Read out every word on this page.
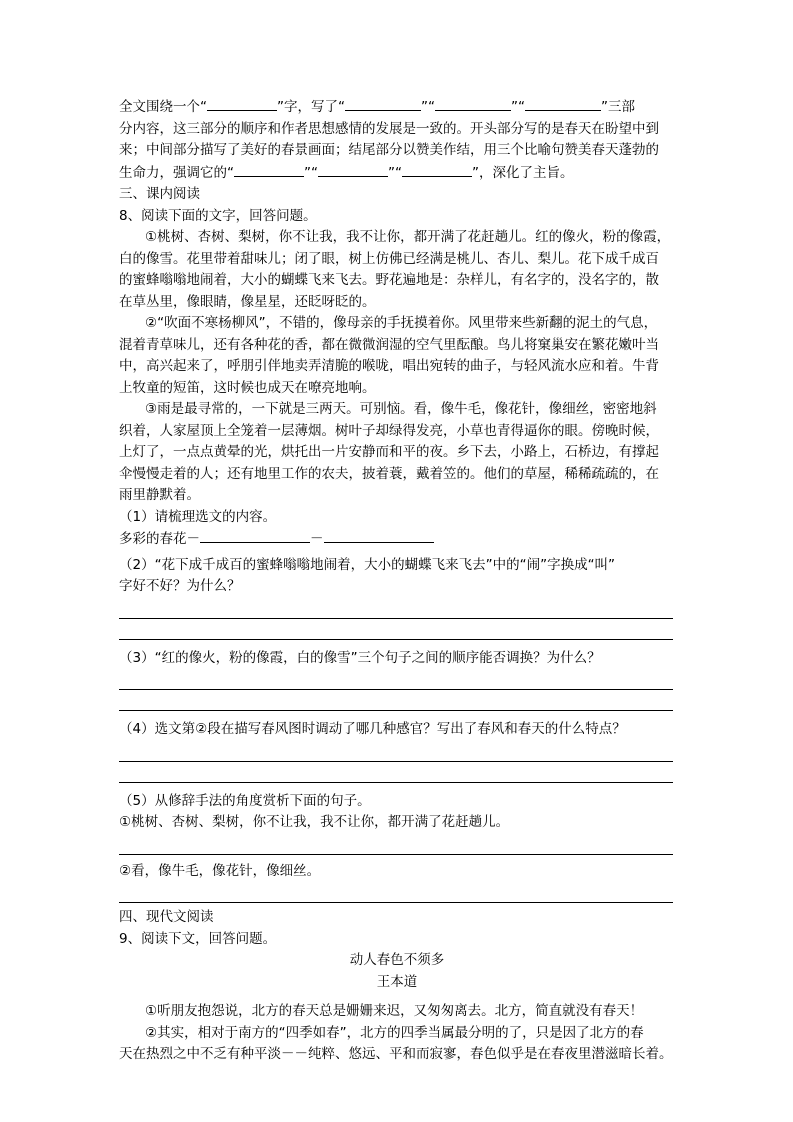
全文围绕一个“	”字，写了“	”“	”“	”三部

分内容，这三部分的顺序和作者思想感情的发展是一致的。开头部分写的是春天在盼望中到

来；中间部分描写了美好的春景画面；结尾部分以赞美作结，用三个比喻句赞美春天蓬勃的

生命力，强调它的“	”“	”“	”，深化了主旨。

三、课内阅读

8、阅读下面的文字，回答问题。

①桃树、杏树、梨树，你不让我，我不让你，都开满了花赶趟儿。红的像火，粉的像霞，

白的像雪。花里带着甜味儿；闭了眼，树上仿佛已经满是桃儿、杏儿、梨儿。花下成千成百

的蜜蜂嗡嗡地闹着，大小的蝴蝶飞来飞去。野花遍地是：杂样儿，有名字的，没名字的，散

在草丛里，像眼睛，像星星，还眨呀眨的。

②“吹面不寒杨柳风”，不错的，像母亲的手抚摸着你。风里带来些新翻的泥土的气息，

混着青草味儿，还有各种花的香，都在微微润湿的空气里酝酿。鸟儿将窠巢安在繁花嫩叶当

中，高兴起来了，呼朋引伴地卖弄清脆的喉咙，唱出宛转的曲子，与轻风流水应和着。牛背

上牧童的短笛，这时候也成天在嘹亮地响。

③雨是最寻常的，一下就是三两天。可别恼。看，像牛毛，像花针，像细丝，密密地斜

织着，人家屋顶上全笼着一层薄烟。树叶子却绿得发亮，小草也青得逼你的眼。傍晚时候，

上灯了，一点点黄晕的光，烘托出一片安静而和平的夜。乡下去，小路上，石桥边，有撑起

伞慢慢走着的人；还有地里工作的农夫，披着蓑，戴着笠的。他们的草屋，稀稀疏疏的，在

雨里静默着。

（1）请梳理选文的内容。

多彩的春花－	－

（2）“花下成千成百的蜜蜂嗡嗡地闹着，大小的蝴蝶飞来飞去”中的“闹”字换成“叫”

字好不好？为什么？

（3）“红的像火，粉的像霞，白的像雪”三个句子之间的顺序能否调换？为什么？

（4）选文第②段在描写春风图时调动了哪几种感官？写出了春风和春天的什么特点？

（5）从修辞手法的角度赏析下面的句子。

①桃树、杏树、梨树，你不让我，我不让你，都开满了花赶趟儿。

②看，像牛毛，像花针，像细丝。

四、现代文阅读

9、阅读下文，回答问题。

动人春色不须多

王本道

①听朋友抱怨说，北方的春天总是姗姗来迟，又匆匆离去。北方，简直就没有春天！

②其实，相对于南方的“四季如春”，北方的四季当属最分明的了，只是因了北方的春

天在热烈之中不乏有种平淡－－纯粹、悠远、平和而寂寥，春色似乎是在春夜里潜滋暗长着。
